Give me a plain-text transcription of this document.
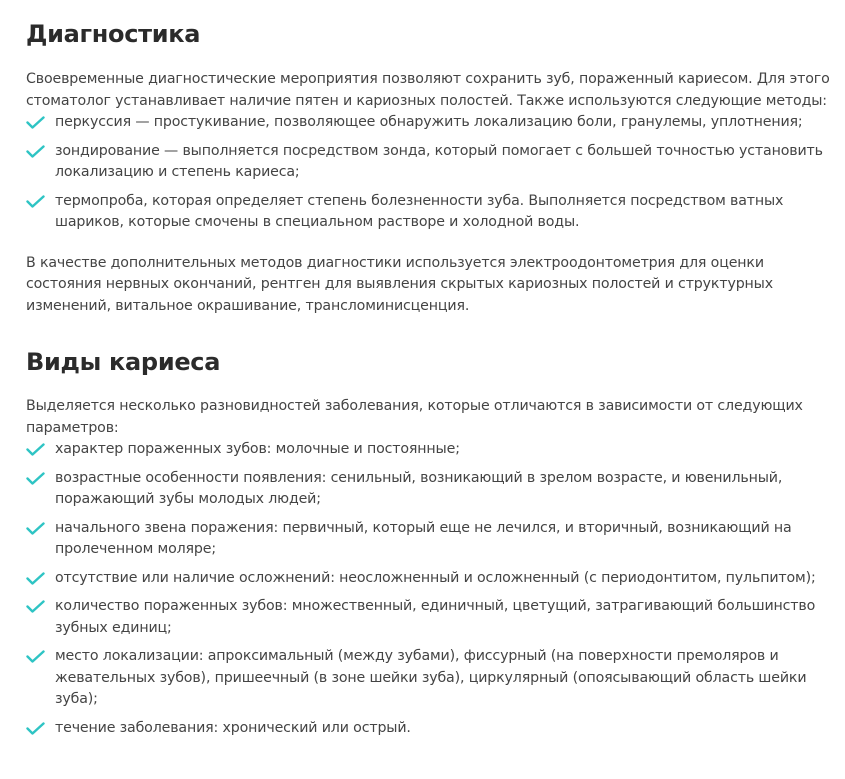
Диагностика

Своевременные диагностические мероприятия позволяют сохранить зуб, пораженный кариесом. Для этого стоматолог устанавливает наличие пятен и кариозных полостей. Также используются следующие методы:

перкуссия — простукивание, позволяющее обнаружить локализацию боли, гранулемы, уплотнения;
зондирование — выполняется посредством зонда, который помогает с большей точностью установить локализацию и степень кариеса;
термопроба, которая определяет степень болезненности зуба. Выполняется посредством ватных шариков, которые смочены в специальном растворе и холодной воды.

В качестве дополнительных методов диагностики используется электроодонтометрия для оценки состояния нервных окончаний, рентген для выявления скрытых кариозных полостей и структурных изменений, витальное окрашивание, трансломинисценция.

Виды кариеса

Выделяется несколько разновидностей заболевания, которые отличаются в зависимости от следующих параметров:

характер пораженных зубов: молочные и постоянные;
возрастные особенности появления: сенильный, возникающий в зрелом возрасте, и ювенильный, поражающий зубы молодых людей;
начального звена поражения: первичный, который еще не лечился, и вторичный, возникающий на пролеченном моляре;
отсутствие или наличие осложнений: неосложненный и осложненный (с периодонтитом, пульпитом);
количество пораженных зубов: множественный, единичный, цветущий, затрагивающий большинство зубных единиц;
место локализации: апроксимальный (между зубами), фиссурный (на поверхности премоляров и жевательных зубов), пришеечный (в зоне шейки зуба), циркулярный (опоясывающий область шейки зуба);
течение заболевания: хронический или острый.
